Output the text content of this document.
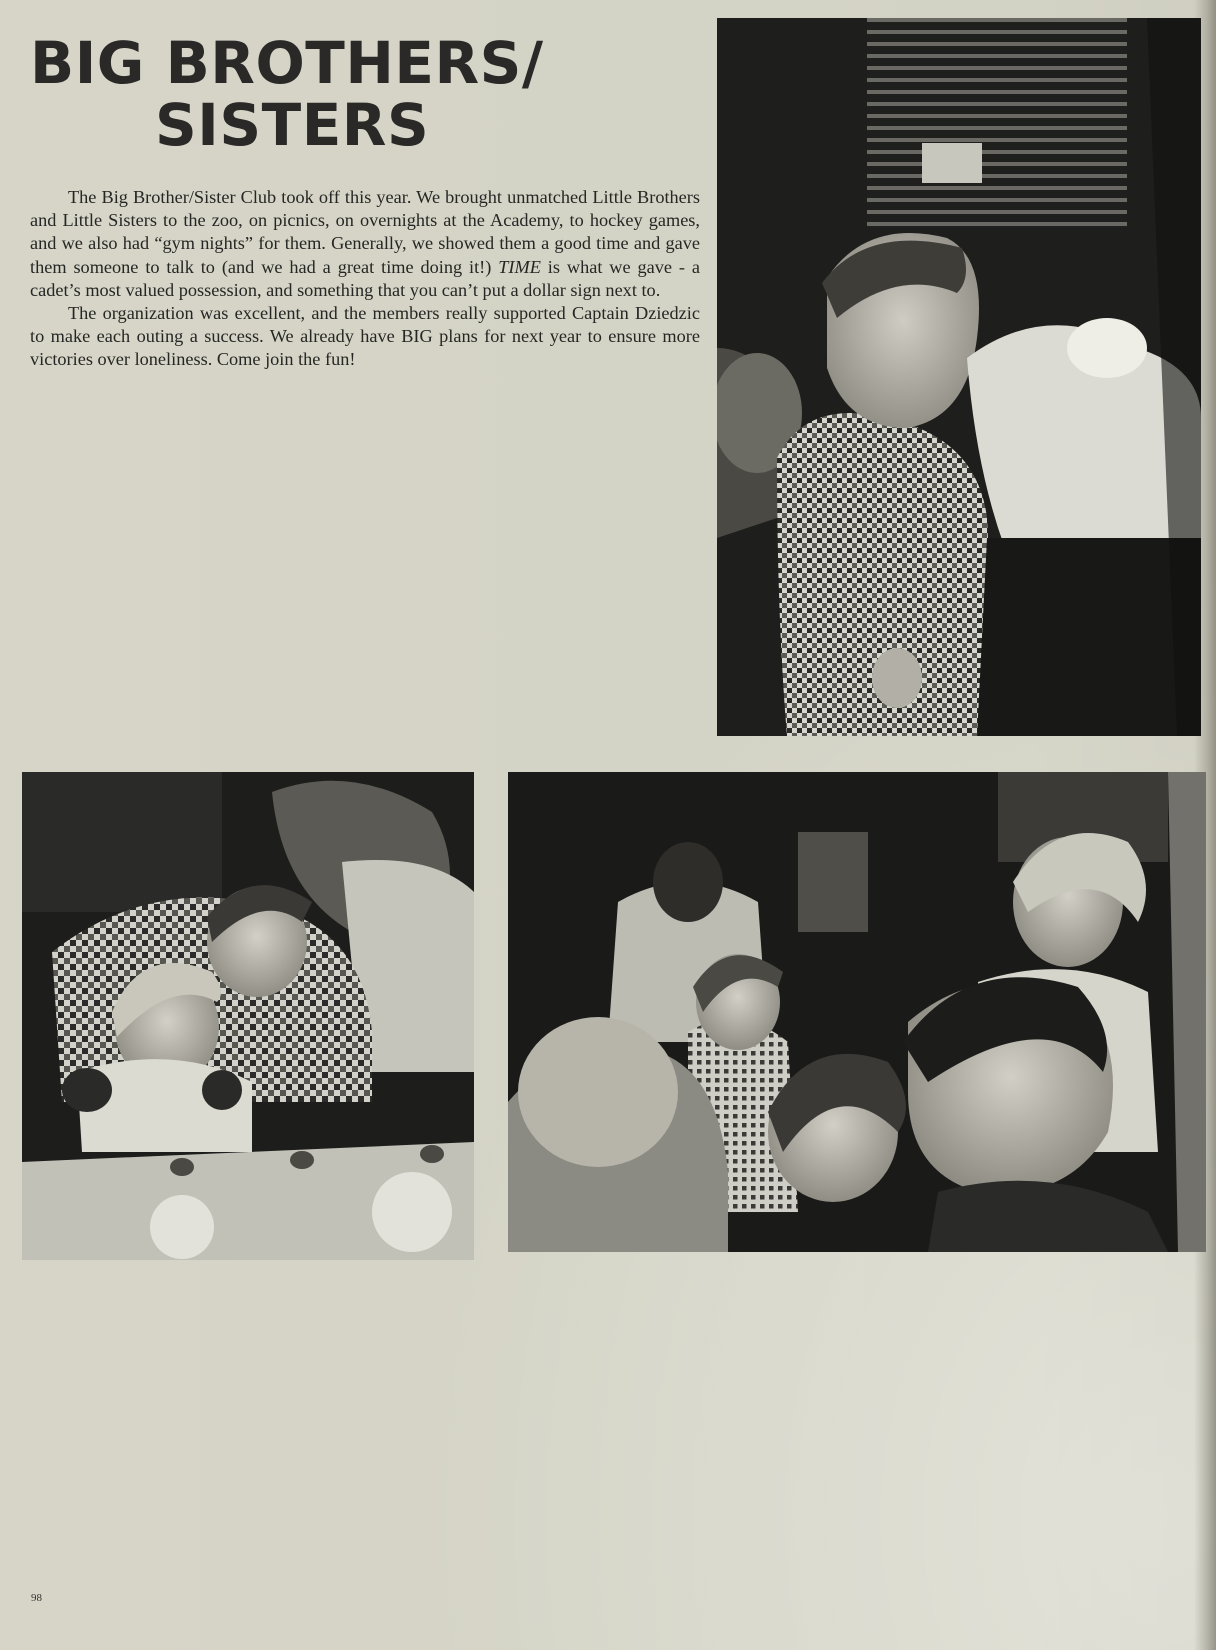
BIG BROTHERS/
SISTERS

The Big Brother/Sister Club took off this year. We brought unmatched Little Brothers and Little Sisters to the zoo, on picnics, on overnights at the Academy, to hockey games, and we also had “gym nights” for them. Generally, we showed them a good time and gave them someone to talk to (and we had a great time doing it!) TIME is what we gave - a cadet’s most valued possession, and something that you can’t put a dollar sign next to.

The organization was excellent, and the members really supported Captain Dziedzic to make each outing a success. We already have BIG plans for next year to ensure more victories over loneliness. Come join the fun!

98
